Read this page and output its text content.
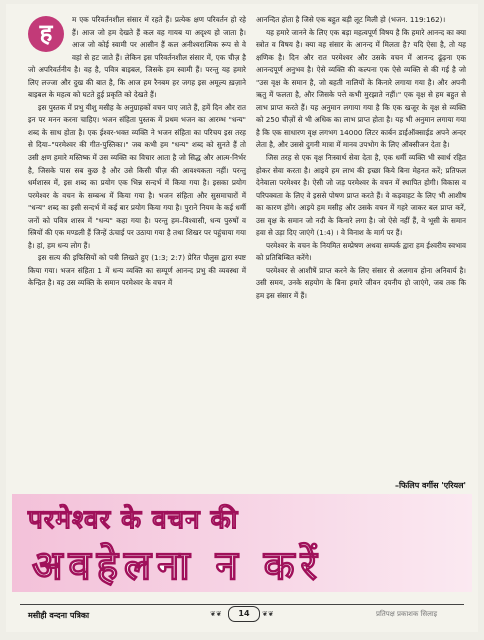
ह	म एक परिवर्तनशील संसार में रहते हैं। प्रत्येक क्षण परिवर्तन हो रहे हैं। आज जो हम देखते हैं कल वह गायब या अदृश्य हो जाता है। आज जो कोई स्वामी पर आसीन हैं कल अनीश्वरात्मिक रूप से वे वहां से हट जाते हैं। लेकिन इस परिवर्तनशील संसार में, एक चीज़ है जो अपरिवर्तनीय है। वह है, पवित्र बाइबल, जिसके हम स्वामी हैं। परन्तु यह हमारे लिए लज्जा और दुख की बात है, कि आज हम रैनबम हर जगह इस अमूल्य ख़ज़ाने बाइबल के महत्व को घटते हुई प्रकृति को देखते हैं।

इस पुस्तक में प्रभु यीशु मसीह के अनुग्राहकों वचन पाए जाते हैं, हमें दिन और रात इन पर मनन करना चाहिए। भजन संहिता पुस्तक में प्रथम भजन का आरम्भ "धन्य" शब्द के साथ होता है। एक ईश्वर-भक्त व्यक्ति ने भजन संहिता का परिचय इस तरह से दिया–"परमेश्वर की गीत-पुस्तिका।" जब कभी हम "धन्य" शब्द को सुनते हैं तो उसी क्षण हमारे मस्तिष्क में उस व्यक्ति का विचार आता है जो सिद्ध और आत्म-निर्भर है, जिसके पास सब कुछ है और उसे किसी चीज़ की आवश्यकता नहीं। परन्तु धर्मशास्त्र में, इस शब्द का प्रयोग एक भिन्न सन्दर्भ में किया गया है। इसका प्रयोग परमेश्वर के वचन के सम्बन्ध में किया गया है। भजन संहिता और सुसमाचारों में "धन्य" शब्द का इसी सन्दर्भ में कई बार प्रयोग किया गया है। पुराने नियम के कई धर्मी जनों को पवित्र शास्त्र में "धन्य" कहा गया है। परन्तु हम–विश्वासी, धन्य पुरुषों व स्त्रियों की एक मण्डली हैं जिन्हें ऊंचाई पर उठाया गया है तथा शिखर पर पहुंचाया गया है। हां, हम धन्य लोग हैं।

इस सत्य की इफिसियों को पत्री लिखते हुए (1:3; 2:7) प्रेरित पौलुस द्वारा स्पष्ट किया गया। भजन संहिता 1 में धन्य व्यक्ति का सम्पूर्ण आनन्द प्रभु की व्यवस्था में केन्द्रित है। वह उस व्यक्ति के समान परमेश्वर के वचन में

आनन्दित होता है जिसे एक बहुत बड़ी लूट मिली हो (भजन. 119:162)।

यह हमारे जानने के लिए एक बड़ा महत्वपूर्ण विषय है कि हमारे आनन्द का क्या स्त्रोत व विषय है। क्या वह संसार के आनन्द में मिलता है? यदि ऐसा है, तो यह क्षणिक है। दिन और रात परमेश्वर और उसके वचन में आनन्द ढूंढ़ना एक आनन्दपूर्ण अनुभव है। ऐसे व्यक्ति की कल्पना एक ऐसे व्यक्ति से की गई है जो "उस वृक्ष के समान है, जो बहती नालियों के किनारे लगाया गया है। और अपनी ऋतु में फलता है, और जिसके पत्ते कभी मुरझाते नहीं।" एक वृक्ष से हम बहुत से लाभ प्राप्त करते हैं। यह अनुमान लगाया गया है कि एक खजूर के वृक्ष से व्यक्ति को 250 चीज़ों से भी अधिक का लाभ प्राप्त होता है। यह भी अनुमान लगाया गया है कि एक साधारण वृक्ष लगभग 14000 लिटर कार्बन डाईऑक्साईड अपने अन्दर लेता है, और उससे दुगनी मात्रा में मानव उपभोग के लिए ऑक्सीजन देता है।

जिस तरह से एक वृक्ष निःस्वार्थ सेवा देता है, एक धर्मी व्यक्ति भी स्वार्थ रहित होकर सेवा करता है। आइये हम लाभ की इच्छा किये बिना मेहनत करें; प्रतिफल देनेवाला परमेश्वर है। ऐसी जो जड़ परमेश्वर के वचन में स्थापित होगी। विकास व परिपक्वता के लिए वे इससे पोषण प्राप्त करते हैं। वे कड़वाहट के लिए भी आशीष का कारण होंगे। आइये हम मसीह और उसके वचन में गहरे जाकर बल प्राप्त करें, उस वृक्ष के समान जो नदी के किनारे लगा है। जो ऐसे नहीं हैं, वे भूसी के समान हवा से उड़ा दिए जाएंगे (1:4) । वे विनाश के मार्ग पर हैं।

परमेश्वर के वचन के नियमित सम्प्रेषण अथवा सम्पर्क द्वारा हम ईश्वरीय स्वभाव को प्रतिबिम्बित करेंगे।

परमेश्वर से आशीषें प्राप्त करने के लिए संसार से अलगाव होना अनिवार्य है। उसी समय, उनके सहयोग के बिना हमारे जीवन दयनीय हो जाएंगे, जब तक कि हम इस संसार में हैं।

परमेश्वर के वचन की
अवहेलना न करें
–फिलिप वर्गीस 'एरियल'
मसीही वन्दना पत्रिका	❦❦	14	❦❦	प्रतिपक्ष प्रकाशक सिलाइ
